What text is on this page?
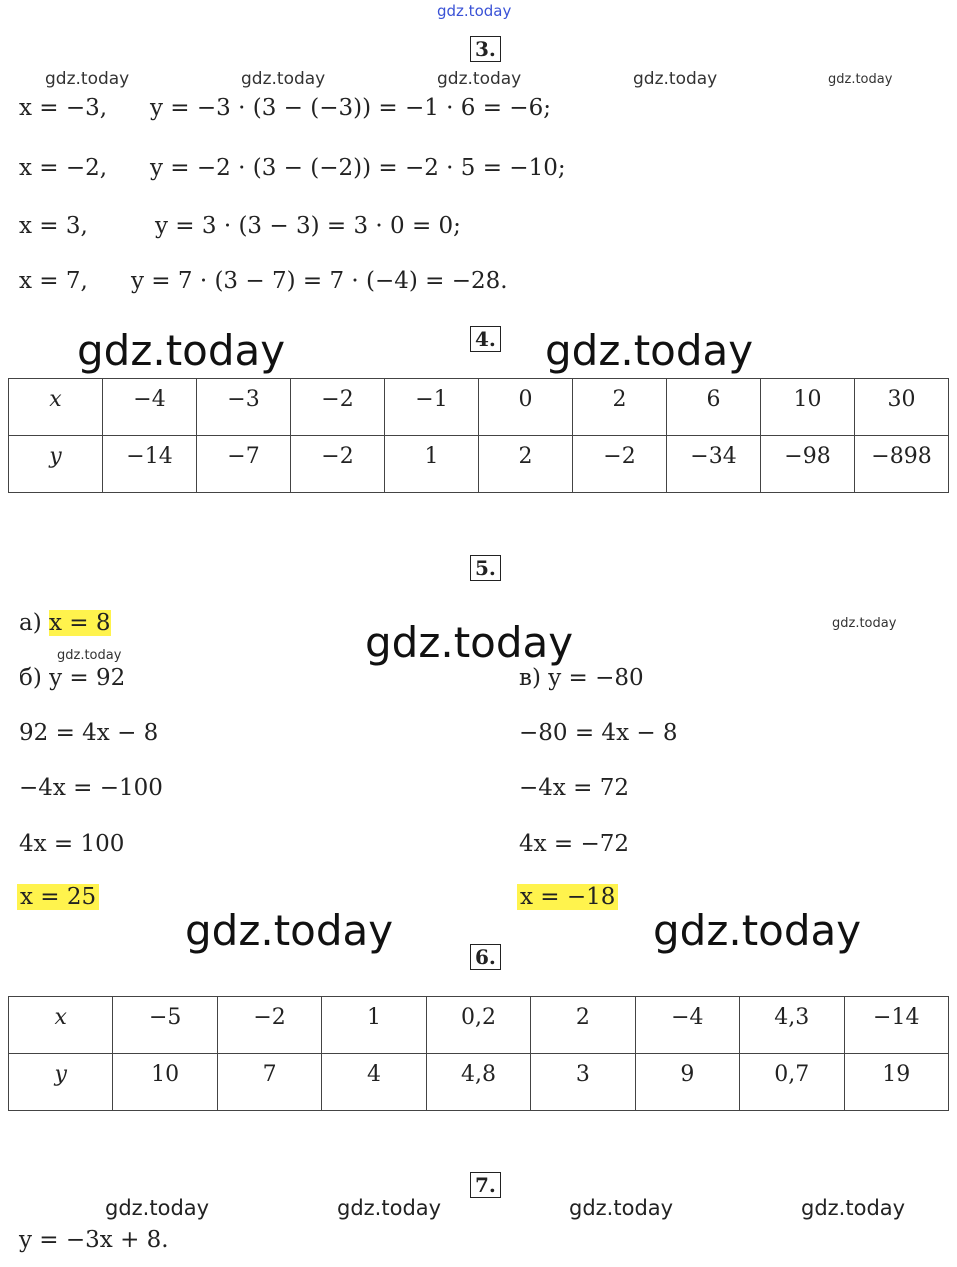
gdz.today
3.
gdz.today	gdz.today	gdz.today	gdz.today	gdz.today
x = −3, y = −3 · (3 − (−3)) = −1 · 6 = −6;
x = −2, y = −2 · (3 − (−2)) = −2 · 5 = −10;
x = 3,	y = 3 · (3 − 3) = 3 · 0 = 0;
x = 7, y = 7 · (3 − 7) = 7 · (−4) = −28.
gdz.today	4. gdz.today
x	−4	−3	−2	−1	0	2	6	10	30
y	−14	−7	−2	1	2	−2	−34	−98	−898
5.
а) x = 8	gdz.today
gdz.today
gdz.today
б) y = 92
92 = 4x − 8
−4x = −100
4x = 100
x = 25
в) y = −80
−80 = 4x − 8
−4x = 72
4x = −72
x = −18
gdz.today	gdz.today
6.
x	−5	−2	1	0,2	2	−4	4,3	−14
y	10	7	4	4,8	3	9	0,7	19
7.
gdz.today	gdz.today	gdz.today	gdz.today
y = −3x + 8.
